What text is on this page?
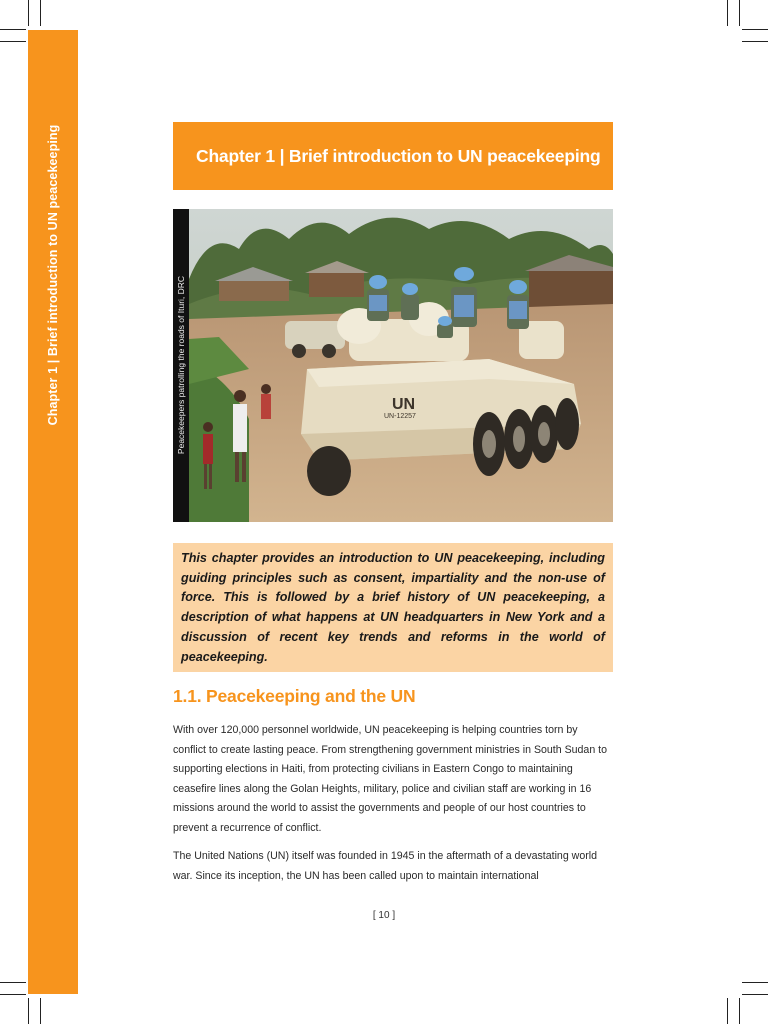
Chapter 1 | Brief introduction to UN peacekeeping	Chapter 1 | Brief introduction to UN peacekeeping
Peacekeepers patrolling the roads of Ituri, DRC	UN
UN-12257

This chapter provides an introduction to UN peacekeeping, including guiding principles such as consent, impartiality and the non-use of force. This is followed by a brief history of UN peacekeeping, a description of what happens at UN headquarters in New York and a discussion of recent key trends and reforms in the world of peacekeeping.

1.1. Peacekeeping and the UN

With over 120,000 personnel worldwide, UN peacekeeping is helping countries torn by conflict to create lasting peace. From strengthening government ministries in South Sudan to supporting elections in Haiti, from protecting civilians in Eastern Congo to maintaining ceasefire lines along the Golan Heights, military, police and civilian staff are working in 16 missions around the world to assist the governments and people of our host countries to prevent a recurrence of conflict.

The United Nations (UN) itself was founded in 1945 in the aftermath of a devastating world war. Since its inception, the UN has been called upon to maintain international

[ 10 ]
